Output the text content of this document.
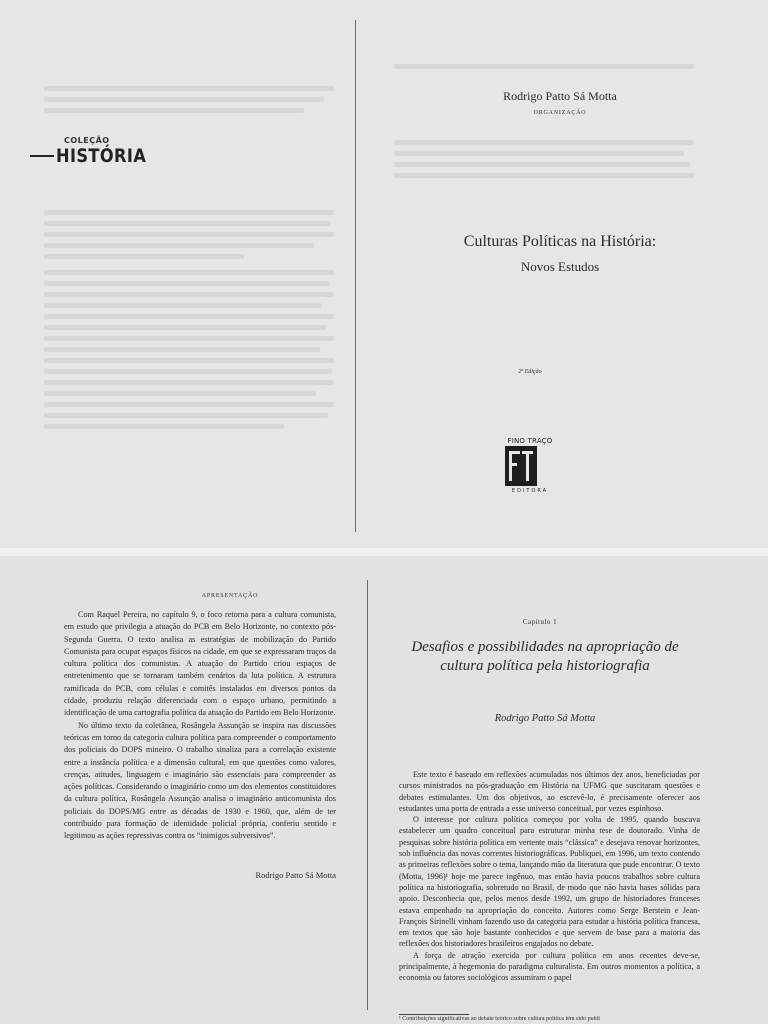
COLEÇÃO
HISTÓRIA
Rodrigo Patto Sá Motta
ORGANIZAÇÃO
Culturas Políticas na História:
Novos Estudos
2ª Edição
FINO TRAÇO
EDITORA
APRESENTAÇÃO

Com Raquel Pereira, no capítulo 9, o foco retorna para a cultura comunista, em estudo que privilegia a atuação do PCB em Belo Horizonte, no contexto pós-Segunda Guerra. O texto analisa as estratégias de mobilização do Partido Comunista para ocupar espaços físicos na cidade, em que se expressaram traços da cultura política dos comunistas. A atuação do Partido criou espaços de entretenimento que se tornaram também cenários da luta política. A estrutura ramificada do PCB, com células e comitês instalados em diversos pontos da cidade, produziu relação diferenciada com o espaço urbano, permitindo a identificação de uma cartografia política da atuação do Partido em Belo Horizonte.

No último texto da coletânea, Rosângela Assunção se inspira nas discussões teóricas em torno da categoria cultura política para compreender o comportamento dos policiais do DOPS mineiro. O trabalho sinaliza para a correlação existente entre a instância política e a dimensão cultural, em que questões como valores, crenças, atitudes, linguagem e imaginário são essenciais para compreender as ações políticas. Considerando o imaginário como um dos elementos constituidores da cultura política, Rosângela Assunção analisa o imaginário anticomunista dos policiais do DOPS/MG entre as décadas de 1930 e 1960, que, além de ter contribuído para formação de identidade policial própria, conferiu sentido e legitimou as ações repressivas contra os “inimigos subversivos”.

Rodrigo Patto Sá Motta
Capítulo 1
Desafios e possibilidades na apropriação de cultura política pela historiografia
Rodrigo Patto Sá Motta

Este texto é baseado em reflexões acumuladas nos últimos dez anos, beneficiadas por cursos ministrados na pós-graduação em História na UFMG que suscitaram questões e debates estimulantes. Um dos objetivos, ao escrevê-lo, é precisamente oferecer aos estudantes uma porta de entrada a esse universo conceitual, por vezes espinhoso.

O interesse por cultura política começou por volta de 1995, quando buscava estabelecer um quadro conceitual para estruturar minha tese de doutorado. Vinha de pesquisas sobre história política em vertente mais “clássica” e desejava renovar horizontes, sob influência das novas correntes historiográficas. Publiquei, em 1996, um texto contendo as primeiras reflexões sobre o tema, lançando mão da literatura que pude encontrar. O texto (Motta, 1996)¹ hoje me parece ingênuo, mas então havia poucos trabalhos sobre cultura política na historiografia, sobretudo no Brasil, de modo que não havia bases sólidas para apoio. Desconhecia que, pelos menos desde 1992, um grupo de historiadores franceses estava empenhado na apropriação do conceito. Autores como Serge Berstein e Jean-François Sirinelli vinham fazendo uso da categoria para estudar a história política francesa, em textos que são hoje bastante conhecidos e que servem de base para a maioria das reflexões dos historiadores brasileiros engajados no debate.

A força de atração exercida por cultura política em anos recentes deve-se, principalmente, à hegemonia do paradigma culturalista. Em outros momentos a política, a economia ou fatores sociológicos assumiram o papel

¹ Contribuições significativas ao debate teórico sobre cultura política têm sido publi
